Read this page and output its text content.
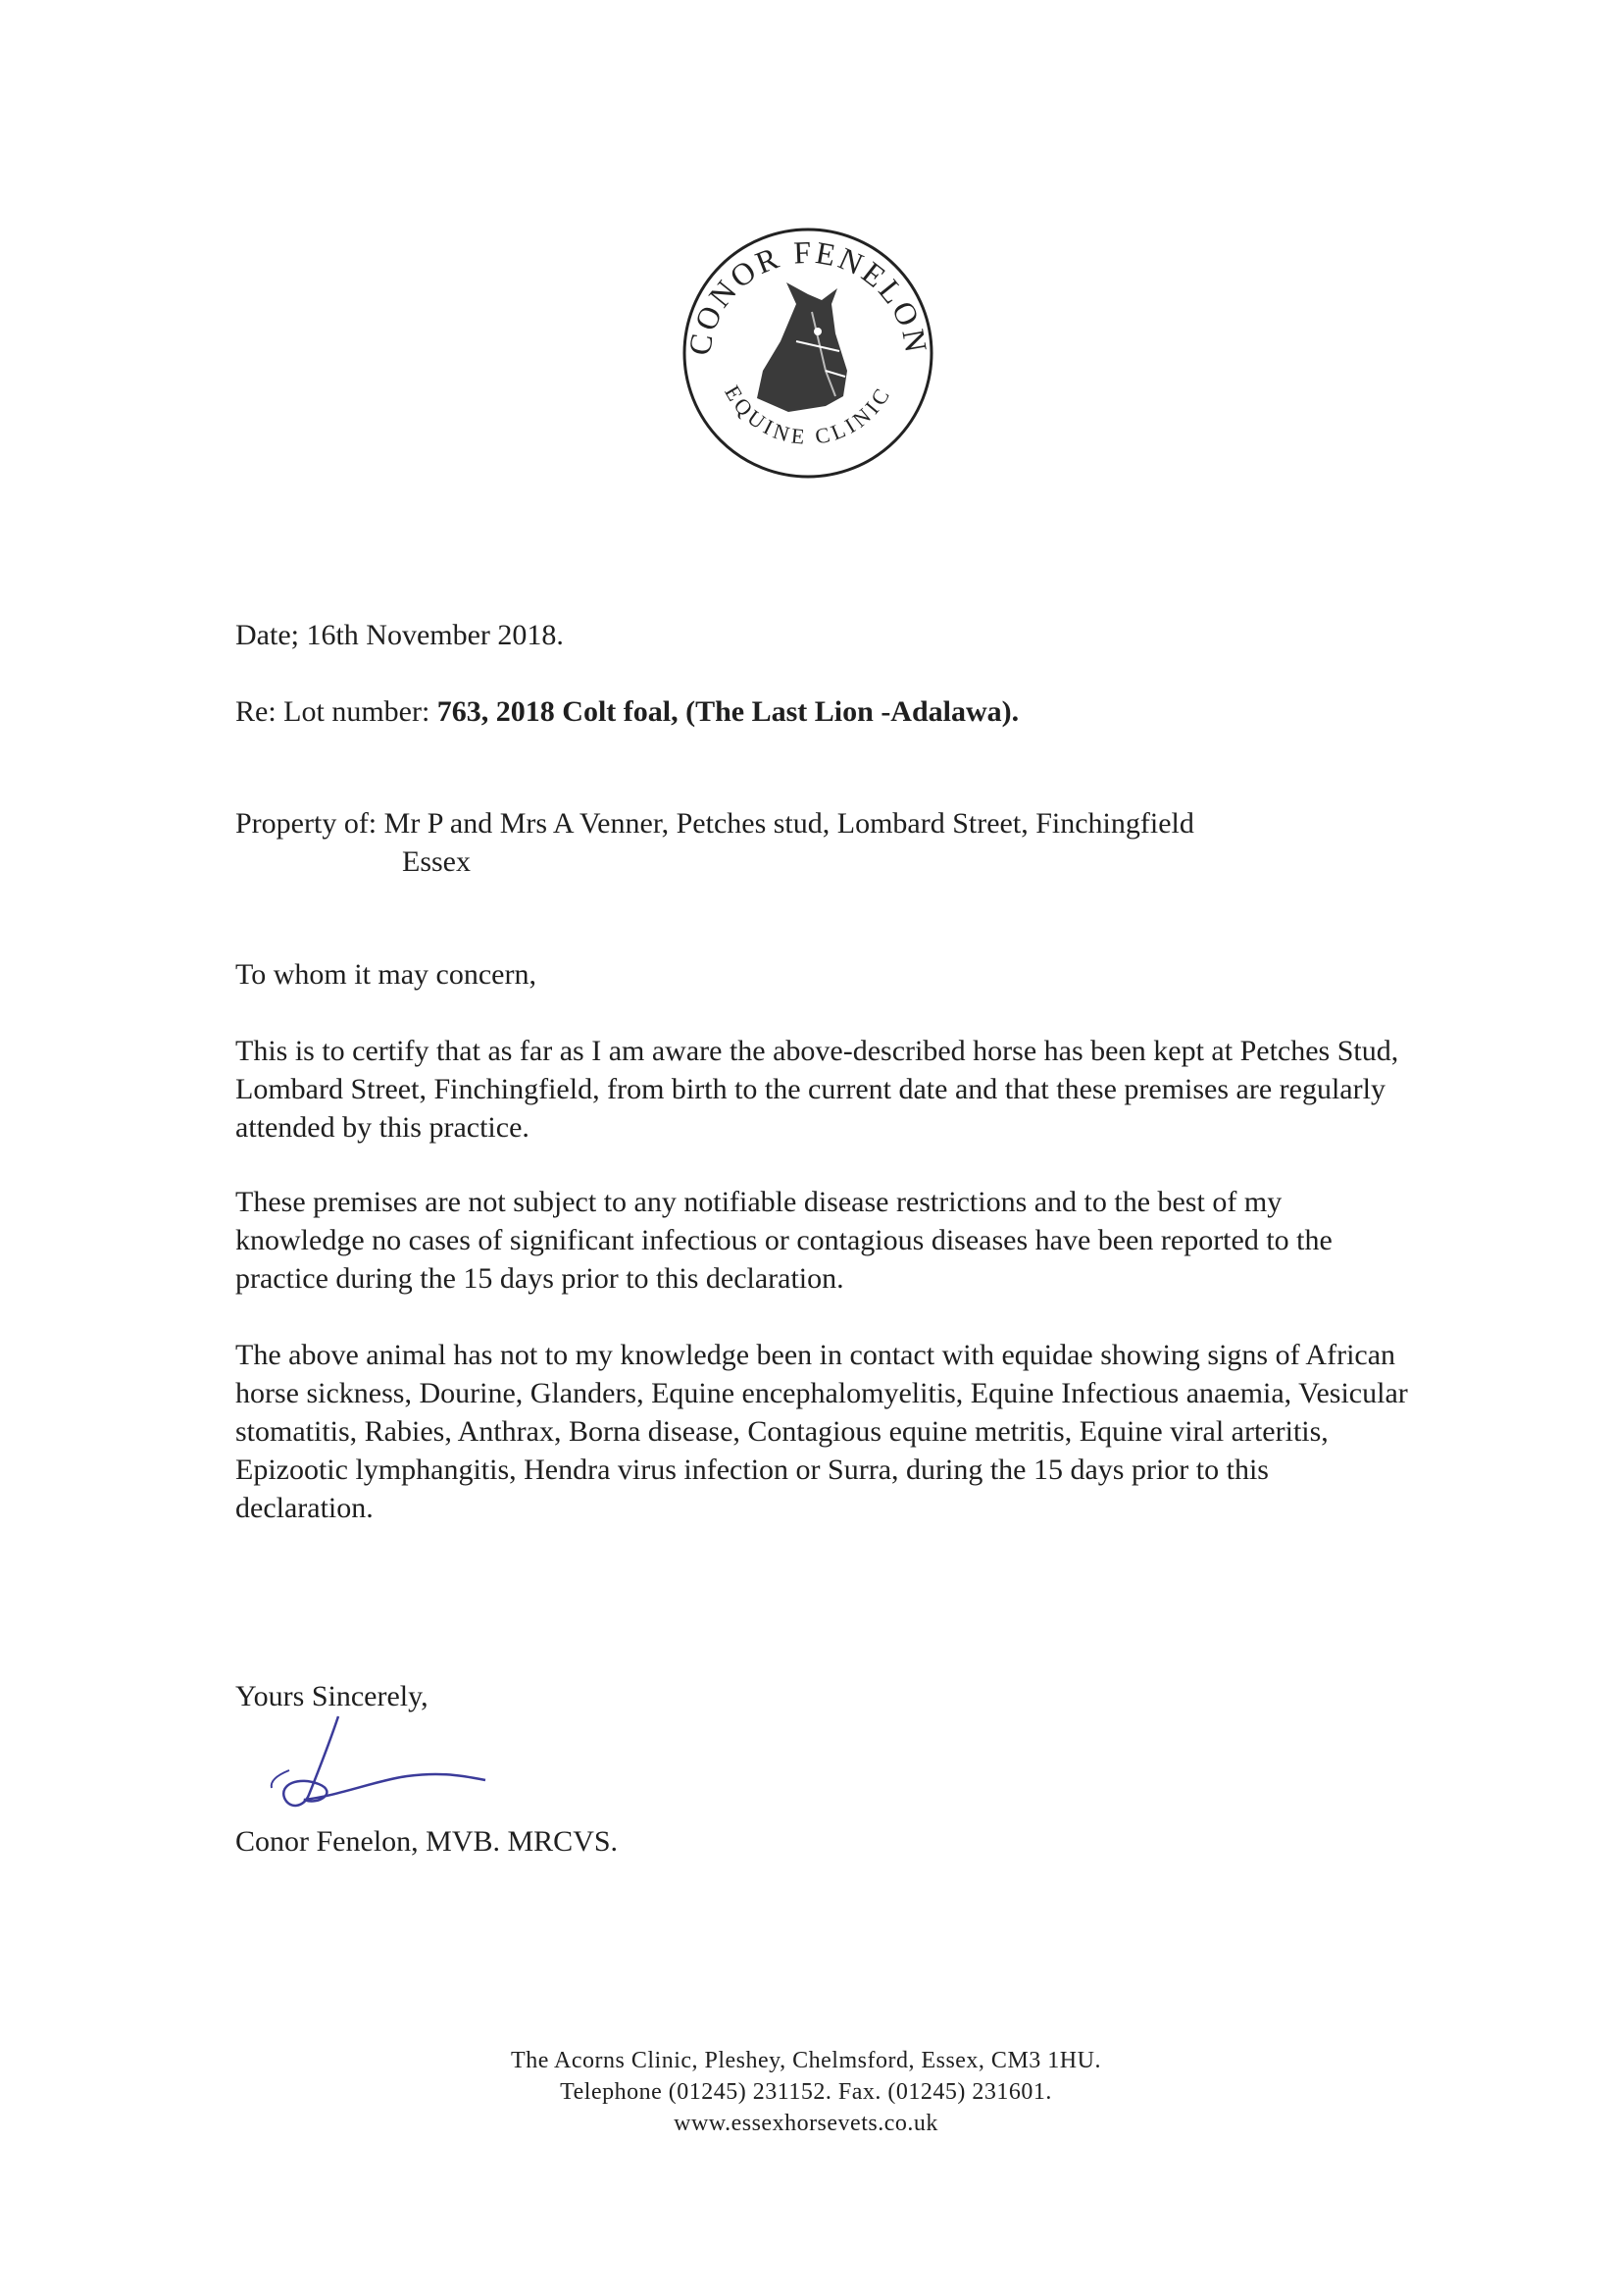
CONOR FENELON
EQUINE CLINIC
Date; 16th November 2018.
Re: Lot number: 763, 2018 Colt foal, (The Last Lion -Adalawa).
Property of: Mr P and Mrs A Venner, Petches stud, Lombard Street, Finchingfield
Essex
To whom it may concern,
This is to certify that as far as I am aware the above-described horse has been kept at Petches Stud, Lombard Street, Finchingfield, from birth to the current date and that these premises are regularly attended by this practice.
These premises are not subject to any notifiable disease restrictions and to the best of my knowledge no cases of significant infectious or contagious diseases have been reported to the practice during the 15 days prior to this declaration.
The above animal has not to my knowledge been in contact with equidae showing signs of African horse sickness, Dourine, Glanders, Equine encephalomyelitis, Equine Infectious anaemia, Vesicular stomatitis, Rabies, Anthrax, Borna disease, Contagious equine metritis, Equine viral arteritis, Epizootic lymphangitis, Hendra virus infection or Surra, during the 15 days prior to this declaration.
Yours Sincerely,
Conor Fenelon, MVB. MRCVS.
The Acorns Clinic, Pleshey, Chelmsford, Essex, CM3 1HU.
Telephone (01245) 231152. Fax. (01245) 231601.
www.essexhorsevets.co.uk
